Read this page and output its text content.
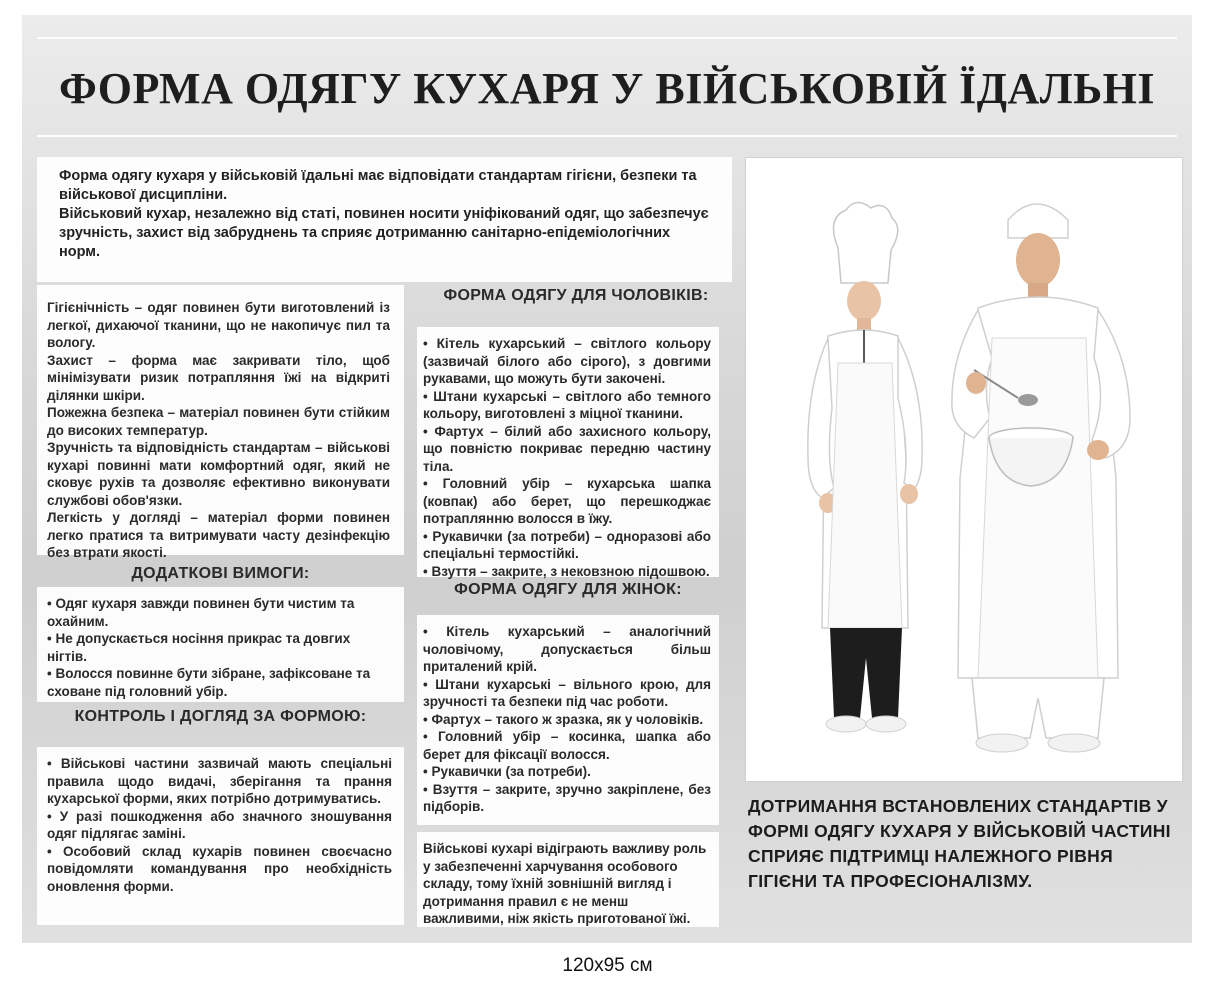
ФОРМА ОДЯГУ КУХАРЯ У ВІЙСЬКОВІЙ ЇДАЛЬНІ

Форма одягу кухаря у військовій їдальні має відповідати стандартам гігієни, безпеки та військової дисципліни.

Військовий кухар, незалежно від статі, повинен носити уніфікований одяг, що забезпечує зручність, захист від забруднень та сприяє дотриманню санітарно-епідеміологічних норм.

Гігієнічність – одяг повинен бути виготовлений із легкої, дихаючої тканини, що не накопичує пил та вологу.

Захист – форма має закривати тіло, щоб мінімізувати ризик потрапляння їжі на відкриті ділянки шкіри.

Пожежна безпека – матеріал повинен бути стійким до високих температур.

Зручність та відповідність стандартам – військові кухарі повинні мати комфортний одяг, який не сковує рухів та дозволяє ефективно виконувати службові обов'язки.

Легкість у догляді – матеріал форми повинен легко пратися та витримувати часту дезінфекцію без втрати якості.

ДОДАТКОВІ ВИМОГИ:
• Одяг кухаря завжди повинен бути чистим та охайним.
• Не допускається носіння прикрас та довгих нігтів.
• Волосся повинне бути зібране, зафіксоване та сховане під головний убір.
КОНТРОЛЬ І ДОГЛЯД ЗА ФОРМОЮ:
• Військові частини зазвичай мають спеціальні правила щодо видачі, зберігання та прання кухарської форми, яких потрібно дотримуватись.
• У разі пошкодження або значного зношування одяг підлягає заміні.
• Особовий склад кухарів повинен своєчасно повідомляти командування про необхідність оновлення форми.
ФОРМА ОДЯГУ ДЛЯ ЧОЛОВІКІВ:
• Кітель кухарський – світлого кольору (зазвичай білого або сірого), з довгими рукавами, що можуть бути закочені.
• Штани кухарські – світлого або темного кольору, виготовлені з міцної тканини.
• Фартух – білий або захисного кольору, що повністю покриває передню частину тіла.
• Головний убір – кухарська шапка (ковпак) або берет, що перешкоджає потраплянню волосся в їжу.
• Рукавички (за потреби) – одноразові або спеціальні термостійкі.
• Взуття – закрите, з нековзною підошвою.
ФОРМА ОДЯГУ ДЛЯ ЖІНОК:
• Кітель кухарський – аналогічний чоловічому, допускається більш приталений крій.
• Штани кухарські – вільного крою, для зручності та безпеки під час роботи.
• Фартух – такого ж зразка, як у чоловіків.
• Головний убір – косинка, шапка або берет для фіксації волосся.
• Рукавички (за потреби).
• Взуття – закрите, зручно закріплене, без підборів.

Військові кухарі відіграють важливу роль у забезпеченні харчування особового складу, тому їхній зовнішній вигляд і дотримання правил є не менш важливими, ніж якість приготованої їжі.

ДОТРИМАННЯ ВСТАНОВЛЕНИХ СТАНДАРТІВ У ФОРМІ ОДЯГУ КУХАРЯ У ВІЙСЬКОВІЙ ЧАСТИНІ СПРИЯЄ ПІДТРИМЦІ НАЛЕЖНОГО РІВНЯ ГІГІЄНИ ТА ПРОФЕСІОНАЛІЗМУ.
120x95 см
